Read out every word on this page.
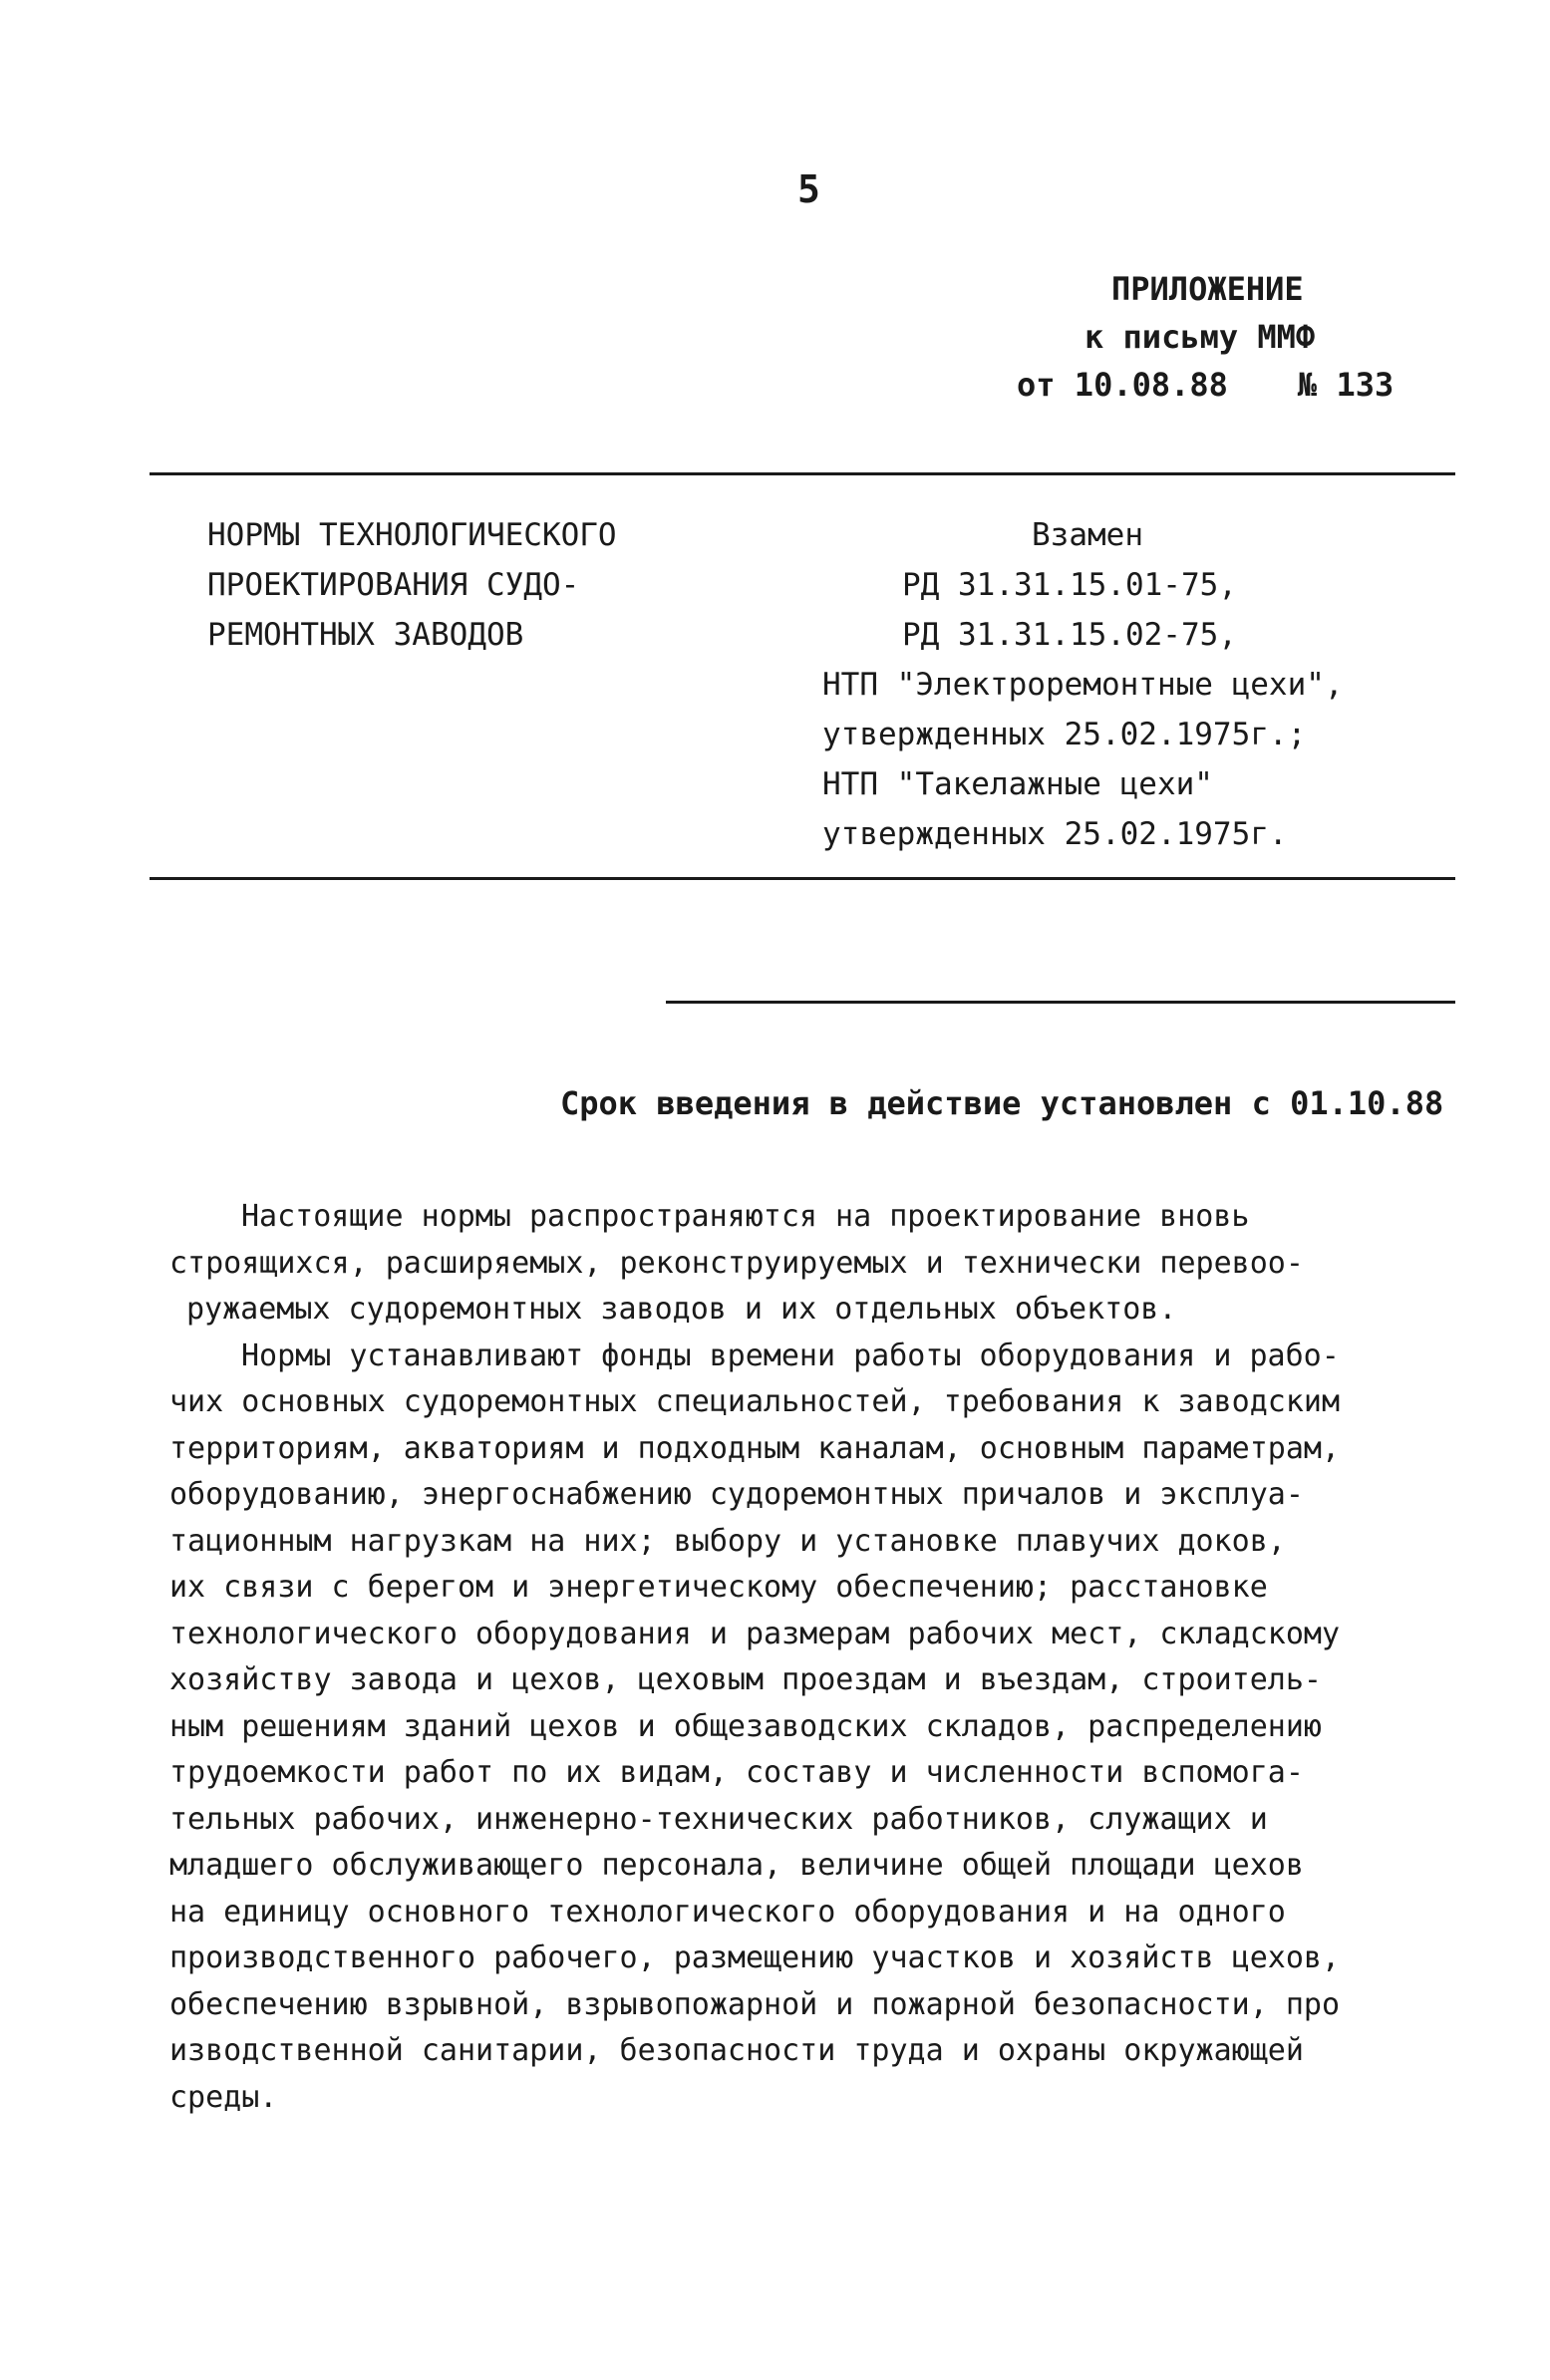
5
ПРИЛОЖЕНИЕ
к письму ММФ
от 10.08.88 № 133
НОРМЫ ТЕХНОЛОГИЧЕСКОГО
ПРОЕКТИРОВАНИЯ СУДО-
РЕМОНТНЫХ ЗАВОДОВ
Взамен
РД 31.31.15.01-75,
РД 31.31.15.02-75,
НТП "Электроремонтные цехи",
утвержденных 25.02.1975г.;
НТП "Такелажные цехи"
утвержденных 25.02.1975г.
Срок введения в действие установлен с 01.10.88
Настоящие нормы распространяются на проектирование вновь
строящихся, расширяемых, реконструируемых и технически перевоо-
ружаемых судоремонтных заводов и их отдельных объектов.
Нормы устанавливают фонды времени работы оборудования и рабо-
чих основных судоремонтных специальностей, требования к заводским
территориям, акваториям и подходным каналам, основным параметрам,
оборудованию, энергоснабжению судоремонтных причалов и эксплуа-
тационным нагрузкам на них; выбору и установке плавучих доков,
их связи с берегом и энергетическому обеспечению; расстановке
технологического оборудования и размерам рабочих мест, складскому
хозяйству завода и цехов, цеховым проездам и въездам, строитель-
ным решениям зданий цехов и общезаводских складов, распределению
трудоемкости работ по их видам, составу и численности вспомога-
тельных рабочих, инженерно-технических работников, служащих и
младшего обслуживающего персонала, величине общей площади цехов
на единицу основного технологического оборудования и на одного
производственного рабочего, размещению участков и хозяйств цехов,
обеспечению взрывной, взрывопожарной и пожарной безопасности, про
изводственной санитарии, безопасности труда и охраны окружающей
среды.
